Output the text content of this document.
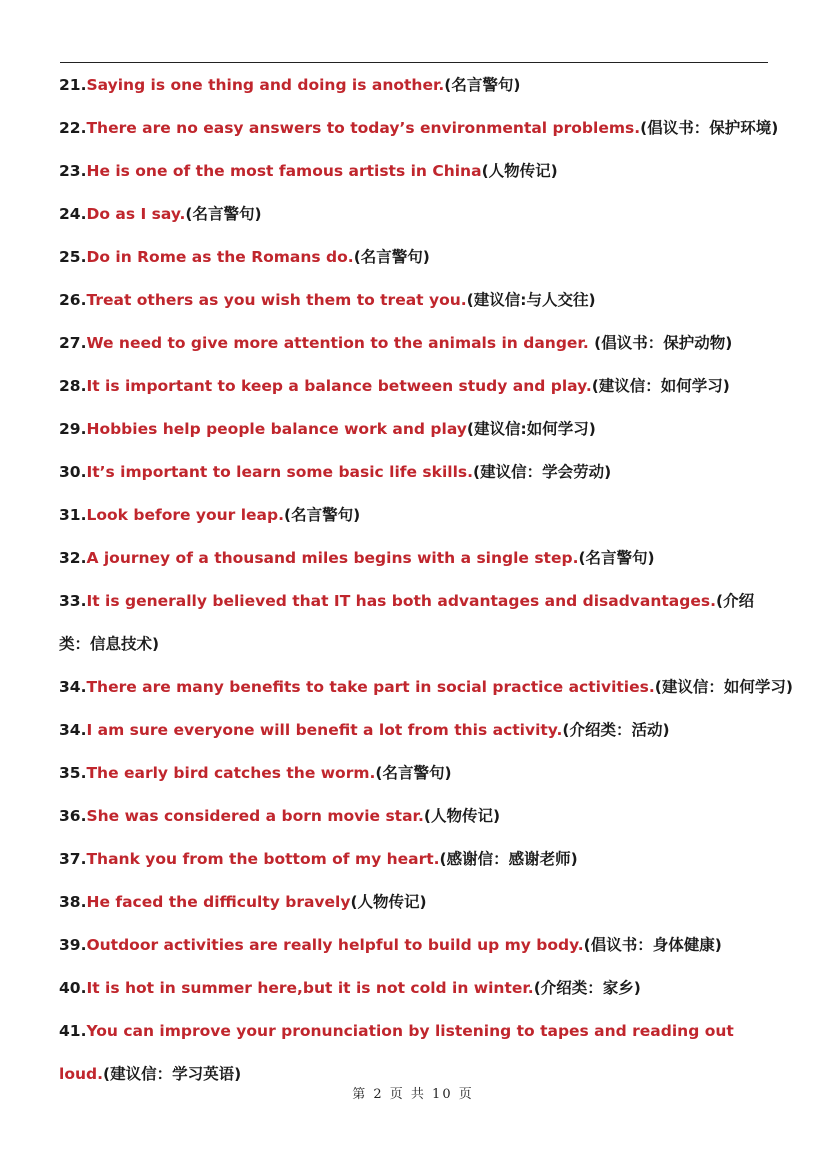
21.Saying is one thing and doing is another.(名言警句)
22.There are no easy answers to today’s environmental problems.(倡议书：保护环境)
23.He is one of the most famous artists in China(人物传记)
24.Do as I say.(名言警句)
25.Do in Rome as the Romans do.(名言警句)
26.Treat others as you wish them to treat you.(建议信:与人交往)
27.We need to give more attention to the animals in danger. (倡议书：保护动物)
28.It is important to keep a balance between study and play.(建议信：如何学习)
29.Hobbies help people balance work and play(建议信:如何学习)
30.It’s important to learn some basic life skills.(建议信：学会劳动)
31.Look before your leap.(名言警句)
32.A journey of a thousand miles begins with a single step.(名言警句)
33.It is generally believed that IT has both advantages and disadvantages.(介绍类：信息技术)
34.There are many benefits to take part in social practice activities.(建议信：如何学习)
34.I am sure everyone will benefit a lot from this activity.(介绍类：活动)
35.The early bird catches the worm.(名言警句)
36.She was considered a born movie star.(人物传记)
37.Thank you from the bottom of my heart.(感谢信：感谢老师)
38.He faced the difficulty bravely(人物传记)
39.Outdoor activities are really helpful to build up my body.(倡议书：身体健康)
40.It is hot in summer here,but it is not cold in winter.(介绍类：家乡)
41.You can improve your pronunciation by listening to tapes and reading out loud.(建议信：学习英语)
第 2 页 共 10 页
